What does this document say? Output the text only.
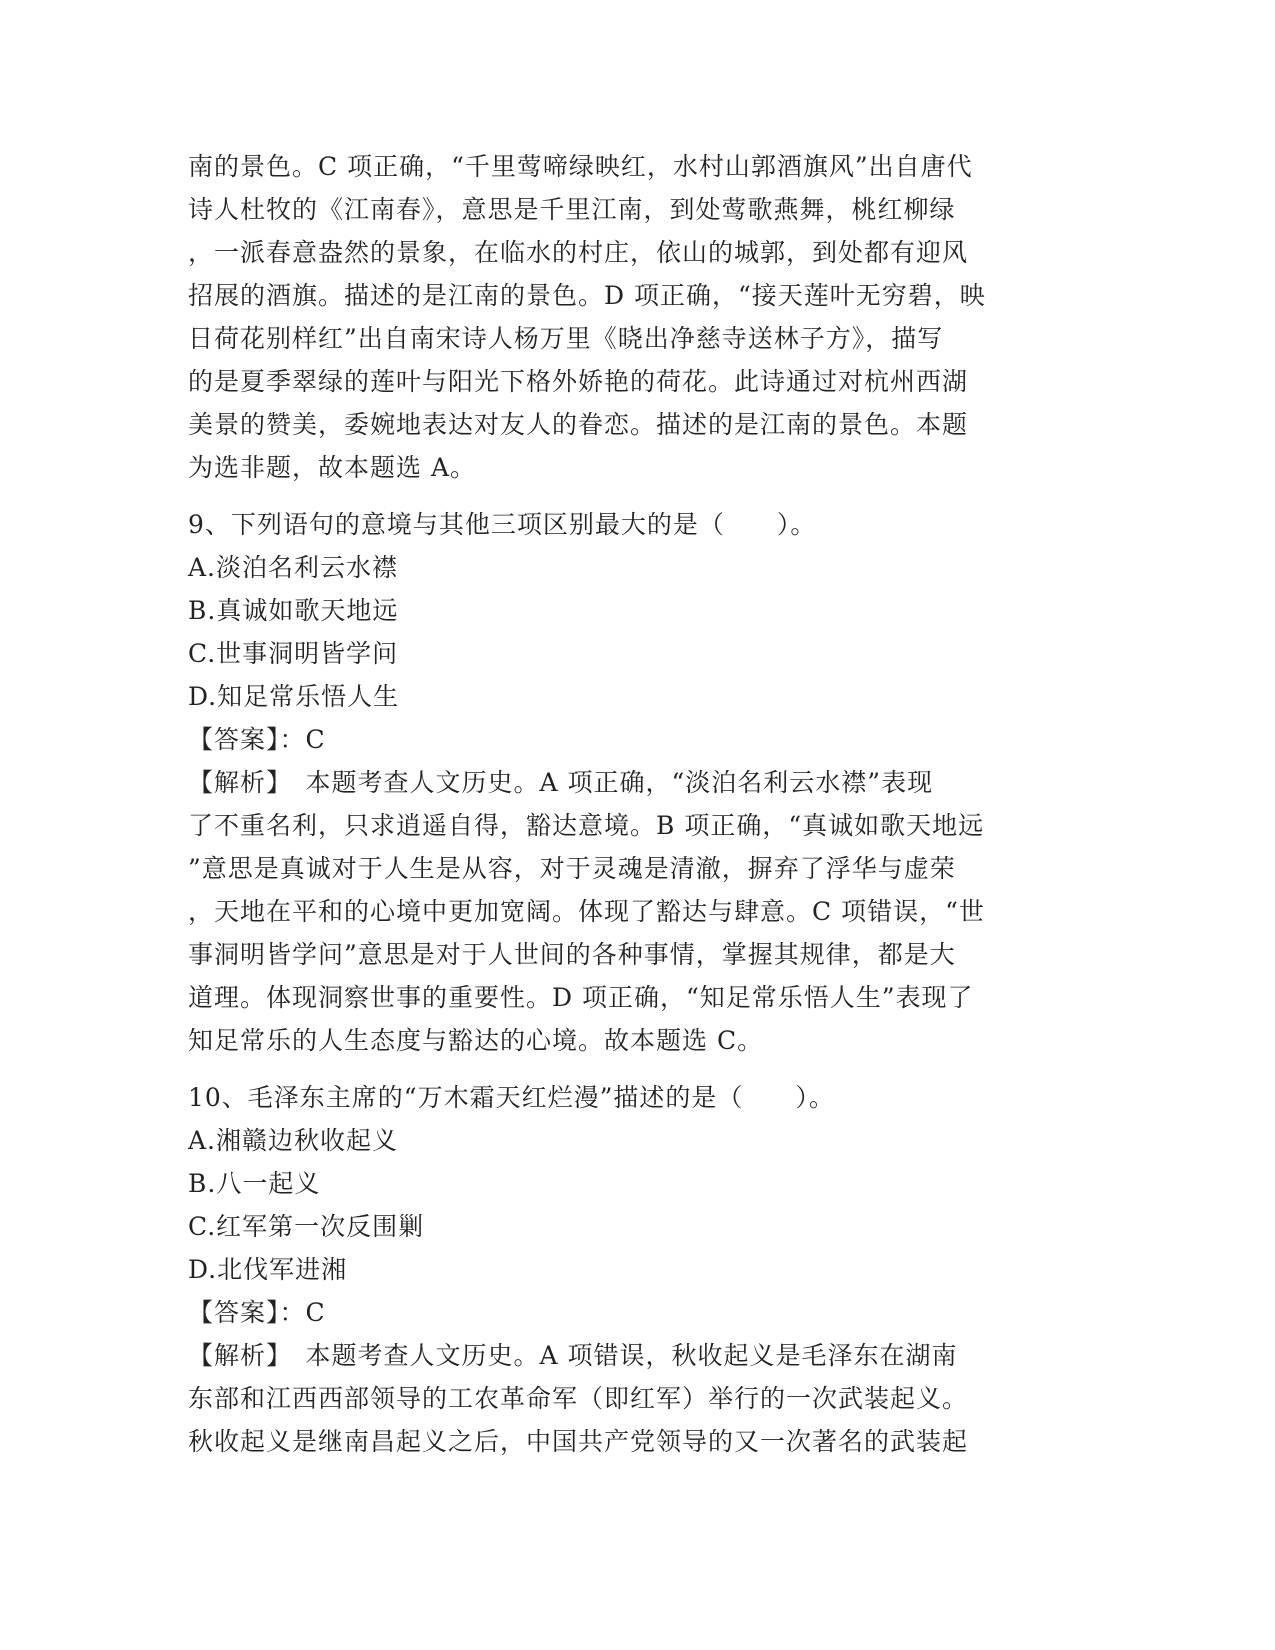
南的景色。C 项正确，“千里莺啼绿映红，水村山郭酒旗风”出自唐代
诗人杜牧的《江南春》，意思是千里江南，到处莺歌燕舞，桃红柳绿
，一派春意盎然的景象，在临水的村庄，依山的城郭，到处都有迎风
招展的酒旗。描述的是江南的景色。D 项正确，“接天莲叶无穷碧，映
日荷花别样红”出自南宋诗人杨万里《晓出净慈寺送林子方》，描写
的是夏季翠绿的莲叶与阳光下格外娇艳的荷花。此诗通过对杭州西湖
美景的赞美，委婉地表达对友人的眷恋。描述的是江南的景色。本题
为选非题，故本题选 A。
9、下列语句的意境与其他三项区别最大的是（　　）。
A.淡泊名利云水襟
B.真诚如歌天地远
C.世事洞明皆学问
D.知足常乐悟人生
【答案】：C
【解析】　本题考查人文历史。A 项正确，“淡泊名利云水襟”表现
了不重名利，只求逍遥自得，豁达意境。B 项正确，“真诚如歌天地远
”意思是真诚对于人生是从容，对于灵魂是清澈，摒弃了浮华与虚荣
，天地在平和的心境中更加宽阔。体现了豁达与肆意。C 项错误，“世
事洞明皆学问”意思是对于人世间的各种事情，掌握其规律，都是大
道理。体现洞察世事的重要性。D 项正确，“知足常乐悟人生”表现了
知足常乐的人生态度与豁达的心境。故本题选 C。
10、毛泽东主席的“万木霜天红烂漫”描述的是（　　）。
A.湘赣边秋收起义
B.八一起义
C.红军第一次反围剿
D.北伐军进湘
【答案】：C
【解析】　本题考查人文历史。A 项错误，秋收起义是毛泽东在湖南
东部和江西西部领导的工农革命军（即红军）举行的一次武装起义。
秋收起义是继南昌起义之后，中国共产党领导的又一次著名的武装起
